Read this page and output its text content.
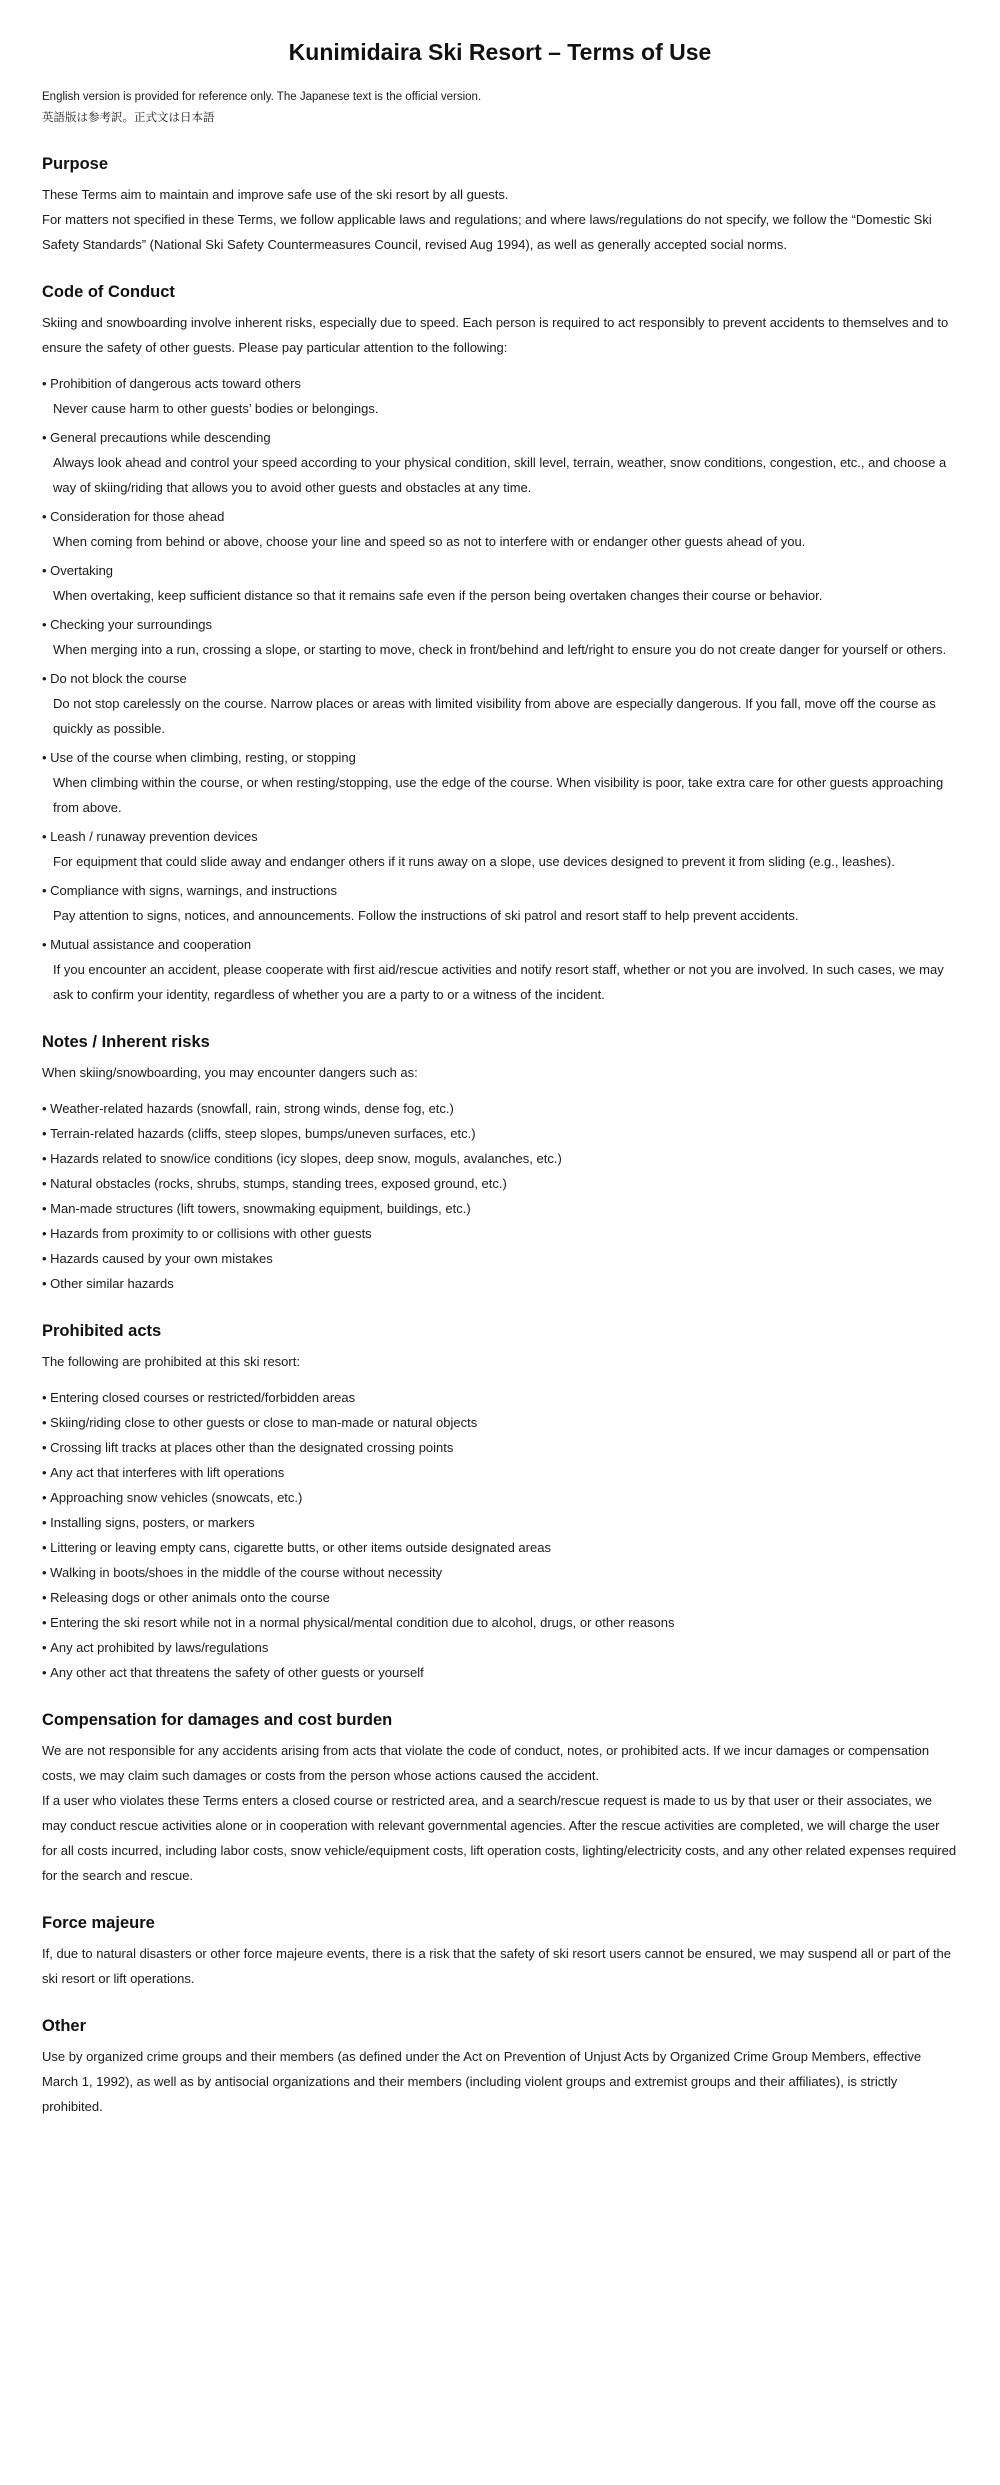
Kunimidaira Ski Resort – Terms of Use

English version is provided for reference only. The Japanese text is the official version.

英語版は参考訳。正式文は日本語

Purpose

These Terms aim to maintain and improve safe use of the ski resort by all guests.

For matters not specified in these Terms, we follow applicable laws and regulations; and where laws/regulations do not specify, we follow the “Domestic Ski Safety Standards” (National Ski Safety Countermeasures Council, revised Aug 1994), as well as generally accepted social norms.

Code of Conduct

Skiing and snowboarding involve inherent risks, especially due to speed. Each person is required to act responsibly to prevent accidents to themselves and to ensure the safety of other guests. Please pay particular attention to the following:

• Prohibition of dangerous acts toward others
Never cause harm to other guests’ bodies or belongings.
• General precautions while descending
Always look ahead and control your speed according to your physical condition, skill level, terrain, weather, snow conditions, congestion, etc., and choose a way of skiing/riding that allows you to avoid other guests and obstacles at any time.
• Consideration for those ahead
When coming from behind or above, choose your line and speed so as not to interfere with or endanger other guests ahead of you.
• Overtaking
When overtaking, keep sufficient distance so that it remains safe even if the person being overtaken changes their course or behavior.
• Checking your surroundings
When merging into a run, crossing a slope, or starting to move, check in front/behind and left/right to ensure you do not create danger for yourself or others.
• Do not block the course
Do not stop carelessly on the course. Narrow places or areas with limited visibility from above are especially dangerous. If you fall, move off the course as quickly as possible.
• Use of the course when climbing, resting, or stopping
When climbing within the course, or when resting/stopping, use the edge of the course. When visibility is poor, take extra care for other guests approaching from above.
• Leash / runaway prevention devices
For equipment that could slide away and endanger others if it runs away on a slope, use devices designed to prevent it from sliding (e.g., leashes).
• Compliance with signs, warnings, and instructions
Pay attention to signs, notices, and announcements. Follow the instructions of ski patrol and resort staff to help prevent accidents.
• Mutual assistance and cooperation
If you encounter an accident, please cooperate with first aid/rescue activities and notify resort staff, whether or not you are involved. In such cases, we may ask to confirm your identity, regardless of whether you are a party to or a witness of the incident.
Notes / Inherent risks

When skiing/snowboarding, you may encounter dangers such as:

• Weather-related hazards (snowfall, rain, strong winds, dense fog, etc.)
• Terrain-related hazards (cliffs, steep slopes, bumps/uneven surfaces, etc.)
• Hazards related to snow/ice conditions (icy slopes, deep snow, moguls, avalanches, etc.)
• Natural obstacles (rocks, shrubs, stumps, standing trees, exposed ground, etc.)
• Man-made structures (lift towers, snowmaking equipment, buildings, etc.)
• Hazards from proximity to or collisions with other guests
• Hazards caused by your own mistakes
• Other similar hazards
Prohibited acts

The following are prohibited at this ski resort:

• Entering closed courses or restricted/forbidden areas
• Skiing/riding close to other guests or close to man-made or natural objects
• Crossing lift tracks at places other than the designated crossing points
• Any act that interferes with lift operations
• Approaching snow vehicles (snowcats, etc.)
• Installing signs, posters, or markers
• Littering or leaving empty cans, cigarette butts, or other items outside designated areas
• Walking in boots/shoes in the middle of the course without necessity
• Releasing dogs or other animals onto the course
• Entering the ski resort while not in a normal physical/mental condition due to alcohol, drugs, or other reasons
• Any act prohibited by laws/regulations
• Any other act that threatens the safety of other guests or yourself
Compensation for damages and cost burden

We are not responsible for any accidents arising from acts that violate the code of conduct, notes, or prohibited acts. If we incur damages or compensation costs, we may claim such damages or costs from the person whose actions caused the accident.

If a user who violates these Terms enters a closed course or restricted area, and a search/rescue request is made to us by that user or their associates, we may conduct rescue activities alone or in cooperation with relevant governmental agencies. After the rescue activities are completed, we will charge the user for all costs incurred, including labor costs, snow vehicle/equipment costs, lift operation costs, lighting/electricity costs, and any other related expenses required for the search and rescue.

Force majeure

If, due to natural disasters or other force majeure events, there is a risk that the safety of ski resort users cannot be ensured, we may suspend all or part of the ski resort or lift operations.

Other

Use by organized crime groups and their members (as defined under the Act on Prevention of Unjust Acts by Organized Crime Group Members, effective March 1, 1992), as well as by antisocial organizations and their members (including violent groups and extremist groups and their affiliates), is strictly prohibited.
